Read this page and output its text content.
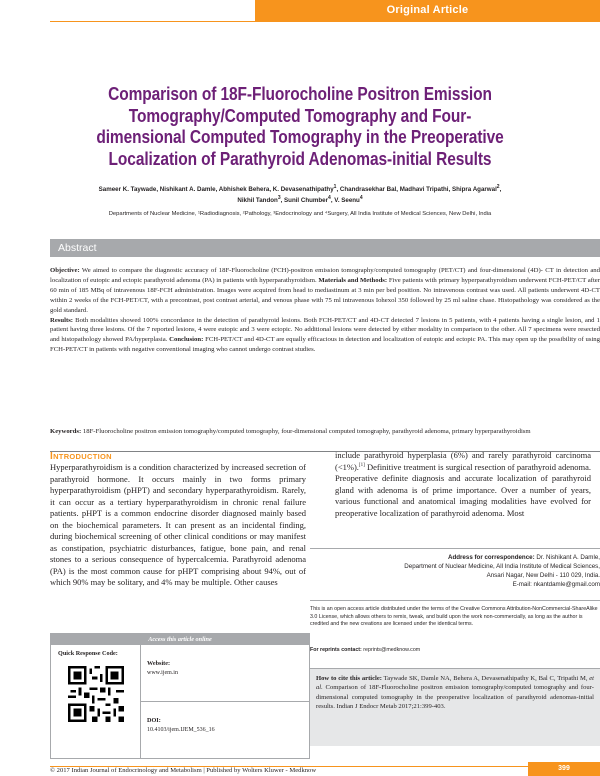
Original Article
Comparison of 18F-Fluorocholine Positron Emission Tomography/Computed Tomography and Four-dimensional Computed Tomography in the Preoperative Localization of Parathyroid Adenomas-initial Results
Sameer K. Taywade, Nishikant A. Damle, Abhishek Behera, K. Devasenathipathy$^1$, Chandrasekhar Bal, Madhavi Tripathi, Shipra Agarwal$^2$,
Nikhil Tandon$^3$, Sunil Chumber$^4$, V. Seenu$^4$
Departments of Nuclear Medicine, ¹Radiodiagnosis, ²Pathology, ³Endocrinology and ⁴Surgery, All India Institute of Medical Sciences, New Delhi, India
Abstract
Objective: We aimed to compare the diagnostic accuracy of 18F-Fluorocholine (FCH)-positron emission tomography/computed tomography (PET/CT) and four-dimensional (4D)- CT in detection and localization of eutopic and ectopic parathyroid adenoma (PA) in patients with hyperparathyroidism. Materials and Methods: Five patients with primary hyperparathyroidism underwent FCH-PET/CT after 60 min of 185 MBq of intravenous 18F-FCH administration. Images were acquired from head to mediastinum at 3 min per bed position. No intravenous contrast was used. All patients underwent 4D-CT within 2 weeks of the FCH-PET/CT, with a precontrast, post contrast arterial, and venous phase with 75 ml intravenous Iohexol 350 followed by 25 ml saline chase. Histopathology was considered as the gold standard.
Results: Both modalities showed 100% concordance in the detection of parathyroid lesions. Both FCH-PET/CT and 4D-CT detected 7 lesions in 5 patients, with 4 patients having a single lesion, and 1 patient having three lesions. Of the 7 reported lesions, 4 were eutopic and 3 were ectopic. No additional lesions were detected by either modality in comparison to the other. All 7 specimens were resected and histopathology showed PA/hyperplasia. Conclusion: FCH-PET/CT and 4D-CT are equally efficacious in detection and localization of eutopic and ectopic PA. This may open up the possibility of using FCH-PET/CT in patients with negative conventional imaging who cannot undergo contrast studies.
Keywords: 18F-Fluorocholine positron emission tomography/computed tomography, four-dimensional computed tomography, parathyroid adenoma, primary hyperparathyroidism
INTRODUCTION
Hyperparathyroidism is a condition characterized by increased secretion of parathyroid hormone. It occurs mainly in two forms primary hyperparathyroidism (pHPT) and secondary hyperparathyroidism. Rarely, it can occur as a tertiary hyperparathyroidism in chronic renal failure patients. pHPT is a common endocrine disorder diagnosed mainly based on the biochemical parameters. It can present as an incidental finding, during biochemical screening of other clinical conditions or may manifest as constipation, psychiatric disturbances, fatigue, bone pain, and renal stones to a serious consequence of hypercalcemia. Parathyroid adenoma (PA) is the most common cause for pHPT comprising about 94%, out of which 90% may be solitary, and 4% may be multiple. Other causes
include parathyroid hyperplasia (6%) and rarely parathyroid carcinoma (<1%).[1] Definitive treatment is surgical resection of parathyroid adenoma. Preoperative definite diagnosis and accurate localization of parathyroid gland with adenoma is of prime importance. Over a number of years, various functional and anatomical imaging modalities have evolved for preoperative localization of parathyroid adenoma. Most
Address for correspondence: Dr. Nishikant A. Damle,
Department of Nuclear Medicine, All India Institute of Medical Sciences,
Ansari Nagar, New Delhi - 110 029, India.
E-mail: nkantdamle@gmail.com
This is an open access article distributed under the terms of the Creative Commons Attribution-NonCommercial-ShareAlike 3.0 License, which allows others to remix, tweak, and build upon the work non-commercially, as long as the author is credited and the new creations are licensed under the identical terms.
For reprints contact: reprints@medknow.com
Access this article online
Quick Response Code:
Website:
www.ijem.in
DOI:
10.4103/ijem.IJEM_536_16
How to cite this article: Taywade SK, Damle NA, Behera A, Devasenathipathy K, Bal C, Tripathi M, et al. Comparison of 18F-Fluorocholine positron emission tomography/computed tomography and four-dimensional computed tomography in the preoperative localization of parathyroid adenomas-initial results. Indian J Endocr Metab 2017;21:399-403.
© 2017 Indian Journal of Endocrinology and Metabolism | Published by Wolters Kluwer - Medknow	399
